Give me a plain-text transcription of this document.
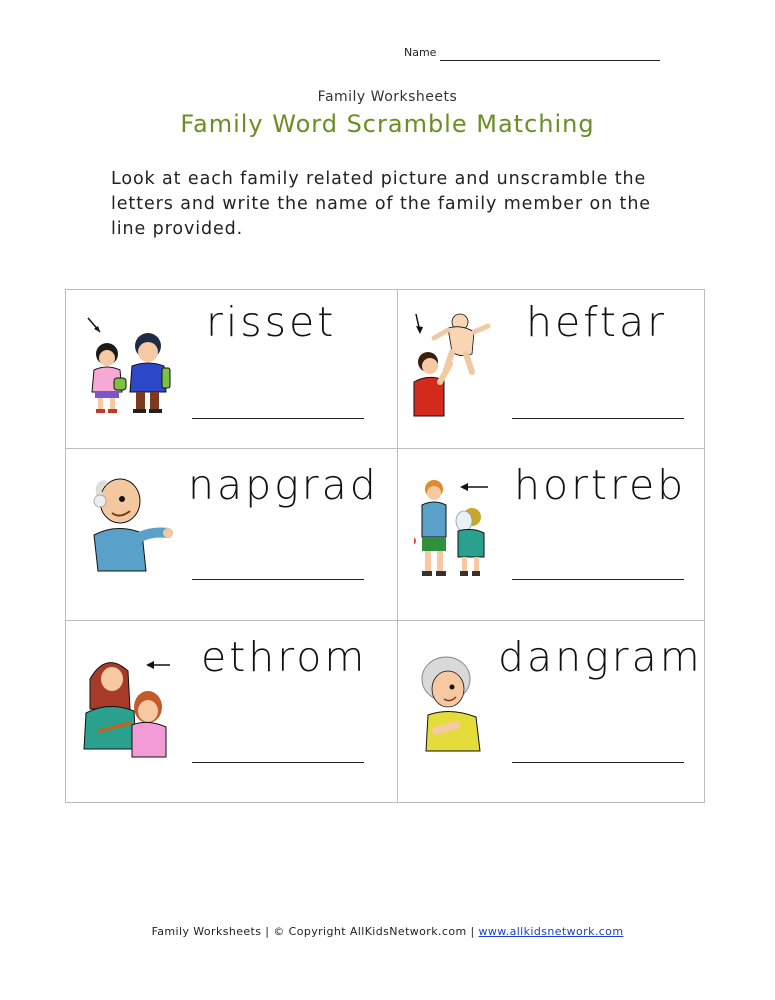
Name
Family Worksheets
Family Word Scramble Matching
Look at each family related picture and unscramble the letters and write the name of the family member on the line provided.
risset	heftar
napgrad	hortreb
ethrom	dangram
Family Worksheets | © Copyright AllKidsNetwork.com | www.allkidsnetwork.com
